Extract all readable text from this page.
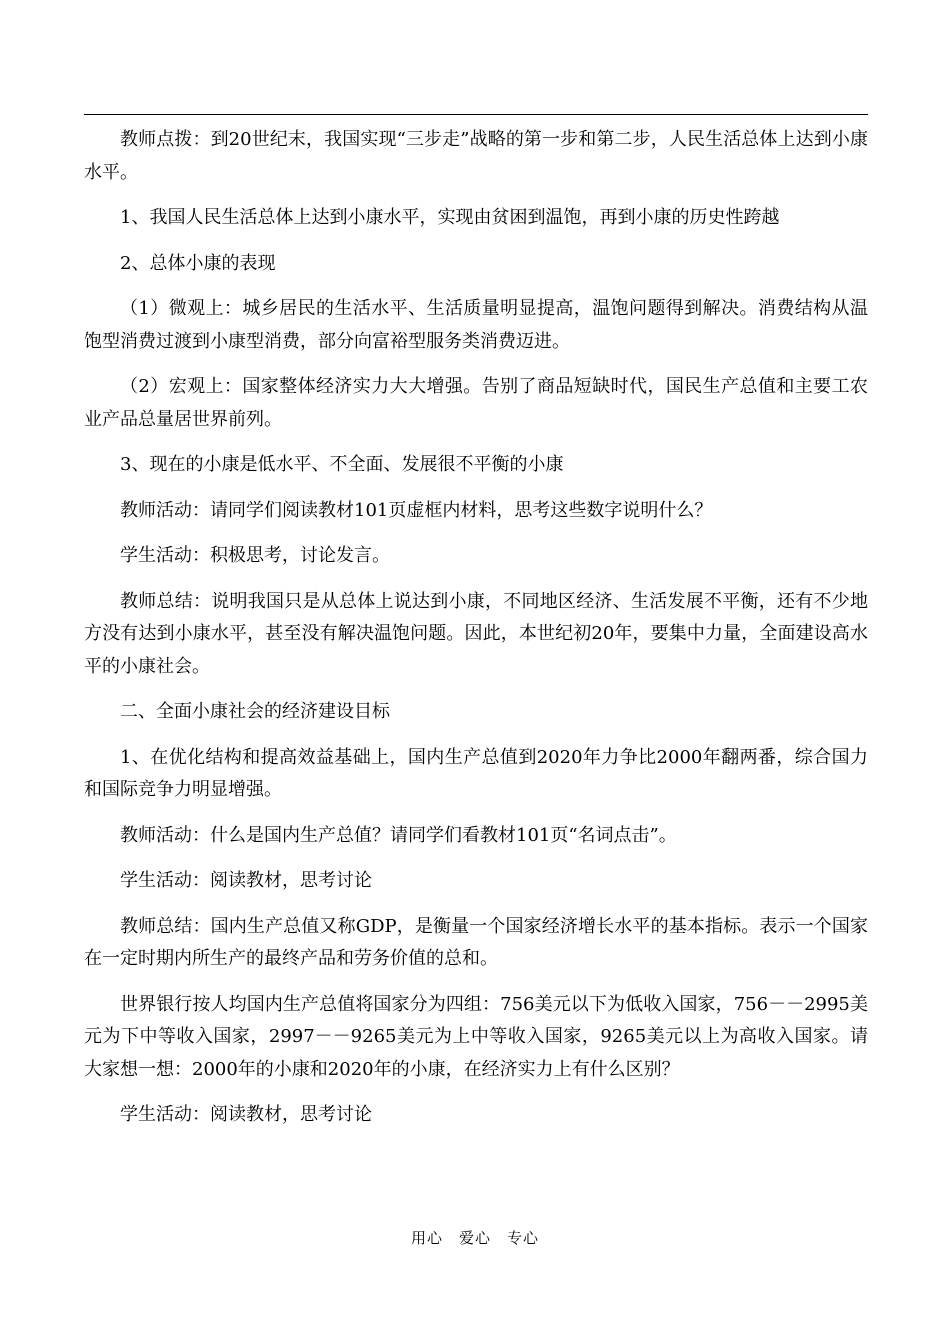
教师点拨：到20世纪末，我国实现“三步走”战略的第一步和第二步，人民生活总体上达到小康水平。

1、我国人民生活总体上达到小康水平，实现由贫困到温饱，再到小康的历史性跨越

2、总体小康的表现

（1）微观上：城乡居民的生活水平、生活质量明显提高，温饱问题得到解决。消费结构从温饱型消费过渡到小康型消费，部分向富裕型服务类消费迈进。

（2）宏观上：国家整体经济实力大大增强。告别了商品短缺时代，国民生产总值和主要工农业产品总量居世界前列。

3、现在的小康是低水平、不全面、发展很不平衡的小康

教师活动：请同学们阅读教材101页虚框内材料，思考这些数字说明什么？

学生活动：积极思考，讨论发言。

教师总结：说明我国只是从总体上说达到小康，不同地区经济、生活发展不平衡，还有不少地方没有达到小康水平，甚至没有解决温饱问题。因此，本世纪初20年，要集中力量，全面建设高水平的小康社会。

二、全面小康社会的经济建设目标

1、在优化结构和提高效益基础上，国内生产总值到2020年力争比2000年翻两番，综合国力和国际竞争力明显增强。

教师活动：什么是国内生产总值？请同学们看教材101页“名词点击”。

学生活动：阅读教材，思考讨论

教师总结：国内生产总值又称GDP，是衡量一个国家经济增长水平的基本指标。表示一个国家在一定时期内所生产的最终产品和劳务价值的总和。

世界银行按人均国内生产总值将国家分为四组：756美元以下为低收入国家，756－－2995美元为下中等收入国家，2997－－9265美元为上中等收入国家，9265美元以上为高收入国家。请大家想一想：2000年的小康和2020年的小康，在经济实力上有什么区别？

学生活动：阅读教材，思考讨论

用心　爱心　专心
